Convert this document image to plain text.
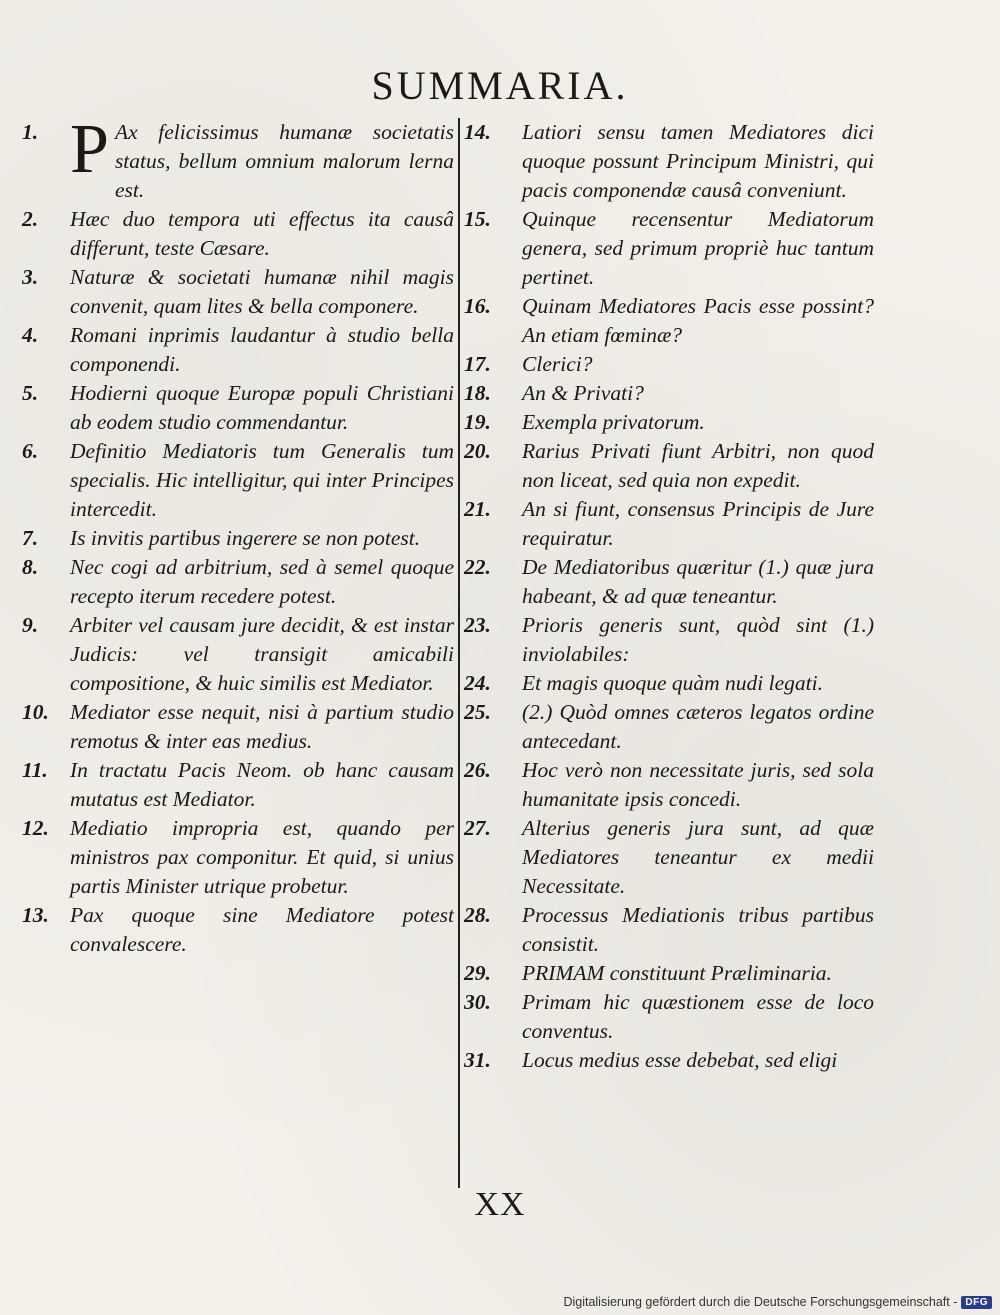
SUMMARIA.
1. P Ax felicissimus humanæ societatis status, bellum omnium malorum lerna est.
2.	Hæc duo tempora uti effectus ita causâ differunt, teste Cæsare.
3.	Naturæ & societati humanæ nihil magis convenit, quam lites & bella componere.
4.	Romani inprimis laudantur à studio bella componendi.
5.	Hodierni quoque Europæ populi Christiani ab eodem studio commendantur.
6.	Definitio Mediatoris tum Generalis tum specialis. Hic intelligitur, qui inter Principes intercedit.
7.	Is invitis partibus ingerere se non potest.
8.	Nec cogi ad arbitrium, sed à semel quoque recepto iterum recedere potest.
9.	Arbiter vel causam jure decidit, & est instar Judicis: vel transigit amicabili compositione, & huic similis est Mediator.
10. Mediator esse nequit, nisi à partium studio remotus & inter eas medius.
11.	In tractatu Pacis Neom. ob hanc causam mutatus est Mediator.
12. Mediatio impropria est, quando per ministros pax componitur. Et quid, si unius partis Minister utrique probetur.
13. Pax quoque sine Mediatore potest convalescere.
14.	Latiori sensu tamen Mediatores dici quoque possunt Principum Ministri, qui pacis componendæ causâ conveniunt.
15.	Quinque recensentur Mediatorum genera, sed primum propriè huc tantum pertinet.
16.	Quinam Mediatores Pacis esse possint? An etiam fœminæ?
17.	Clerici?
18.	An & Privati?
19.	Exempla privatorum.
20.	Rarius Privati fiunt Arbitri, non quod non liceat, sed quia non expedit.
21.	An si fiunt, consensus Principis de Jure requiratur.
22.	De Mediatoribus quæritur (1.) quæ jura habeant, & ad quæ teneantur.
23.	Prioris generis sunt, quòd sint (1.) inviolabiles:
24.	Et magis quoque quàm nudi legati.
25.	(2.) Quòd omnes cæteros legatos ordine antecedant.
26.	Hoc verò non necessitate juris, sed sola humanitate ipsis concedi.
27.	Alterius generis jura sunt, ad quæ Mediatores teneantur ex medii Necessitate.
28.	Processus Mediationis tribus partibus consistit.
29.	PRIMAM constituunt Præliminaria.
30.	Primam hic quæstionem esse de loco conventus.
31.	Locus medius esse debebat, sed eligi
XX
Digitalisierung gefördert durch die Deutsche Forschungsgemeinschaft - DFG
